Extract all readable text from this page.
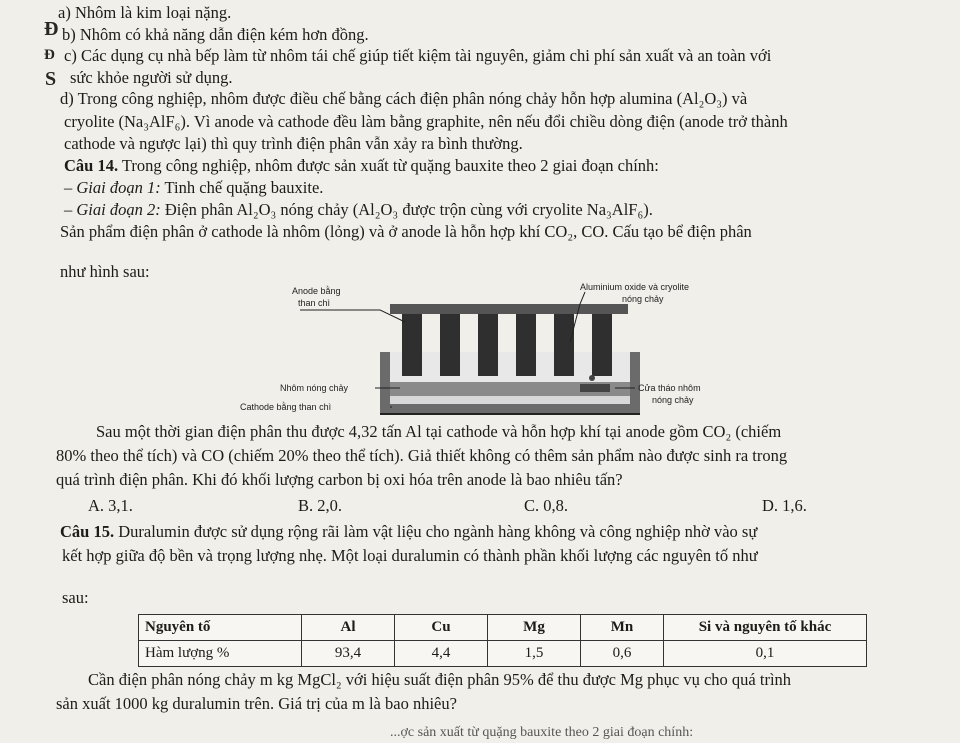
Đ
Đ
S
a) Nhôm là kim loại nặng.
b) Nhôm có khả năng dẫn điện kém hơn đồng.
c) Các dụng cụ nhà bếp làm từ nhôm tái chế giúp tiết kiệm tài nguyên, giảm chi phí sản xuất và an toàn với
sức khỏe người sử dụng.
d) Trong công nghiệp, nhôm được điều chế bằng cách điện phân nóng chảy hỗn hợp alumina (Al₂O₃) và
cryolite (Na₃AlF₆). Vì anode và cathode đều làm bằng graphite, nên nếu đổi chiều dòng điện (anode trở thành
cathode và ngược lại) thì quy trình điện phân vẫn xảy ra bình thường.
Câu 14. Trong công nghiệp, nhôm được sản xuất từ quặng bauxite theo 2 giai đoạn chính:
– Giai đoạn 1: Tinh chế quặng bauxite.
– Giai đoạn 2: Điện phân Al₂O₃ nóng chảy (Al₂O₃ được trộn cùng với cryolite Na₃AlF₆).
Sản phẩm điện phân ở cathode là nhôm (lỏng) và ở anode là hỗn hợp khí CO₂, CO. Cấu tạo bể điện phân
như hình sau:
Anode bằng
than chì
Aluminium oxide và cryolite
nóng chảy
Nhôm nóng chảy
Cathode bằng than chì
Cửa tháo nhôm
nóng chảy
Sau một thời gian điện phân thu được 4,32 tấn Al tại cathode và hỗn hợp khí tại anode gồm CO₂ (chiếm
80% theo thể tích) và CO (chiếm 20% theo thể tích). Giả thiết không có thêm sản phẩm nào được sinh ra trong
quá trình điện phân. Khi đó khối lượng carbon bị oxi hóa trên anode là bao nhiêu tấn?
A. 3,1.	B. 2,0.	C. 0,8.	D. 1,6.
Câu 15. Duralumin được sử dụng rộng rãi làm vật liệu cho ngành hàng không và công nghiệp nhờ vào sự
kết hợp giữa độ bền và trọng lượng nhẹ. Một loại duralumin có thành phần khối lượng các nguyên tố như
sau:
Nguyên tố	Al	Cu	Mg	Mn	Si và nguyên tố khác
Hàm lượng %	93,4	4,4	1,5	0,6	0,1
Cần điện phân nóng chảy m kg MgCl₂ với hiệu suất điện phân 95% để thu được Mg phục vụ cho quá trình
sản xuất 1000 kg duralumin trên. Giá trị của m là bao nhiêu?
...ợc sản xuất từ quặng bauxite theo 2 giai đoạn chính:
